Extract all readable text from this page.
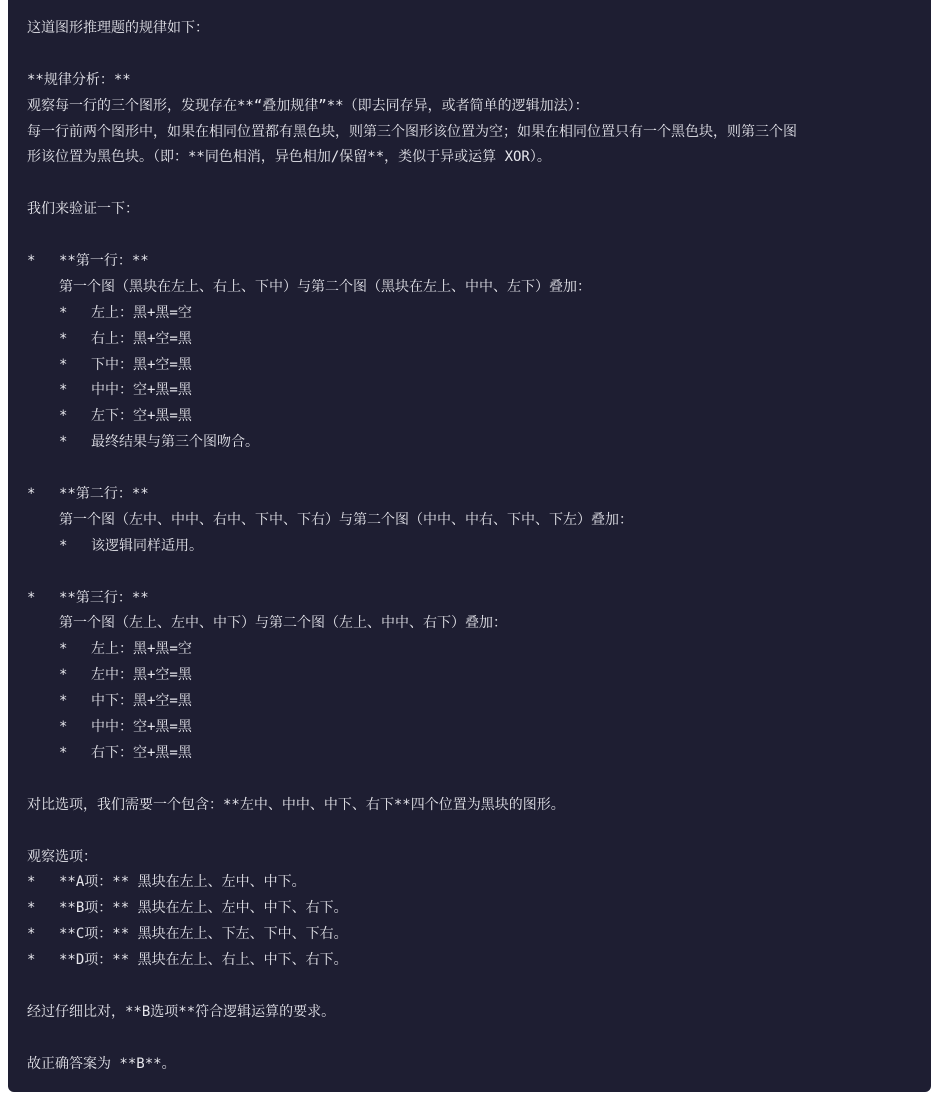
这道图形推理题的规律如下：
**规律分析：**
观察每一行的三个图形，发现存在**“叠加规律”**（即去同存异，或者简单的逻辑加法）：
每一行前两个图形中，如果在相同位置都有黑色块，则第三个图形该位置为空；如果在相同位置只有一个黑色块，则第三个图
形该位置为黑色块。（即：**同色相消，异色相加/保留**，类似于异或运算 XOR）。
我们来验证一下：
* **第一行：**
第一个图（黑块在左上、右上、下中）与第二个图（黑块在左上、中中、左下）叠加：
* 左上：黑+黑=空
* 右上：黑+空=黑
* 下中：黑+空=黑
* 中中：空+黑=黑
* 左下：空+黑=黑
* 最终结果与第三个图吻合。
* **第二行：**
第一个图（左中、中中、右中、下中、下右）与第二个图（中中、中右、下中、下左）叠加：
* 该逻辑同样适用。
* **第三行：**
第一个图（左上、左中、中下）与第二个图（左上、中中、右下）叠加：
* 左上：黑+黑=空
* 左中：黑+空=黑
* 中下：黑+空=黑
* 中中：空+黑=黑
* 右下：空+黑=黑
对比选项，我们需要一个包含：**左中、中中、中下、右下**四个位置为黑块的图形。
观察选项：
* **A项：** 黑块在左上、左中、中下。
* **B项：** 黑块在左上、左中、中下、右下。
* **C项：** 黑块在左上、下左、下中、下右。
* **D项：** 黑块在左上、右上、中下、右下。
经过仔细比对，**B选项**符合逻辑运算的要求。
故正确答案为 **B**。
